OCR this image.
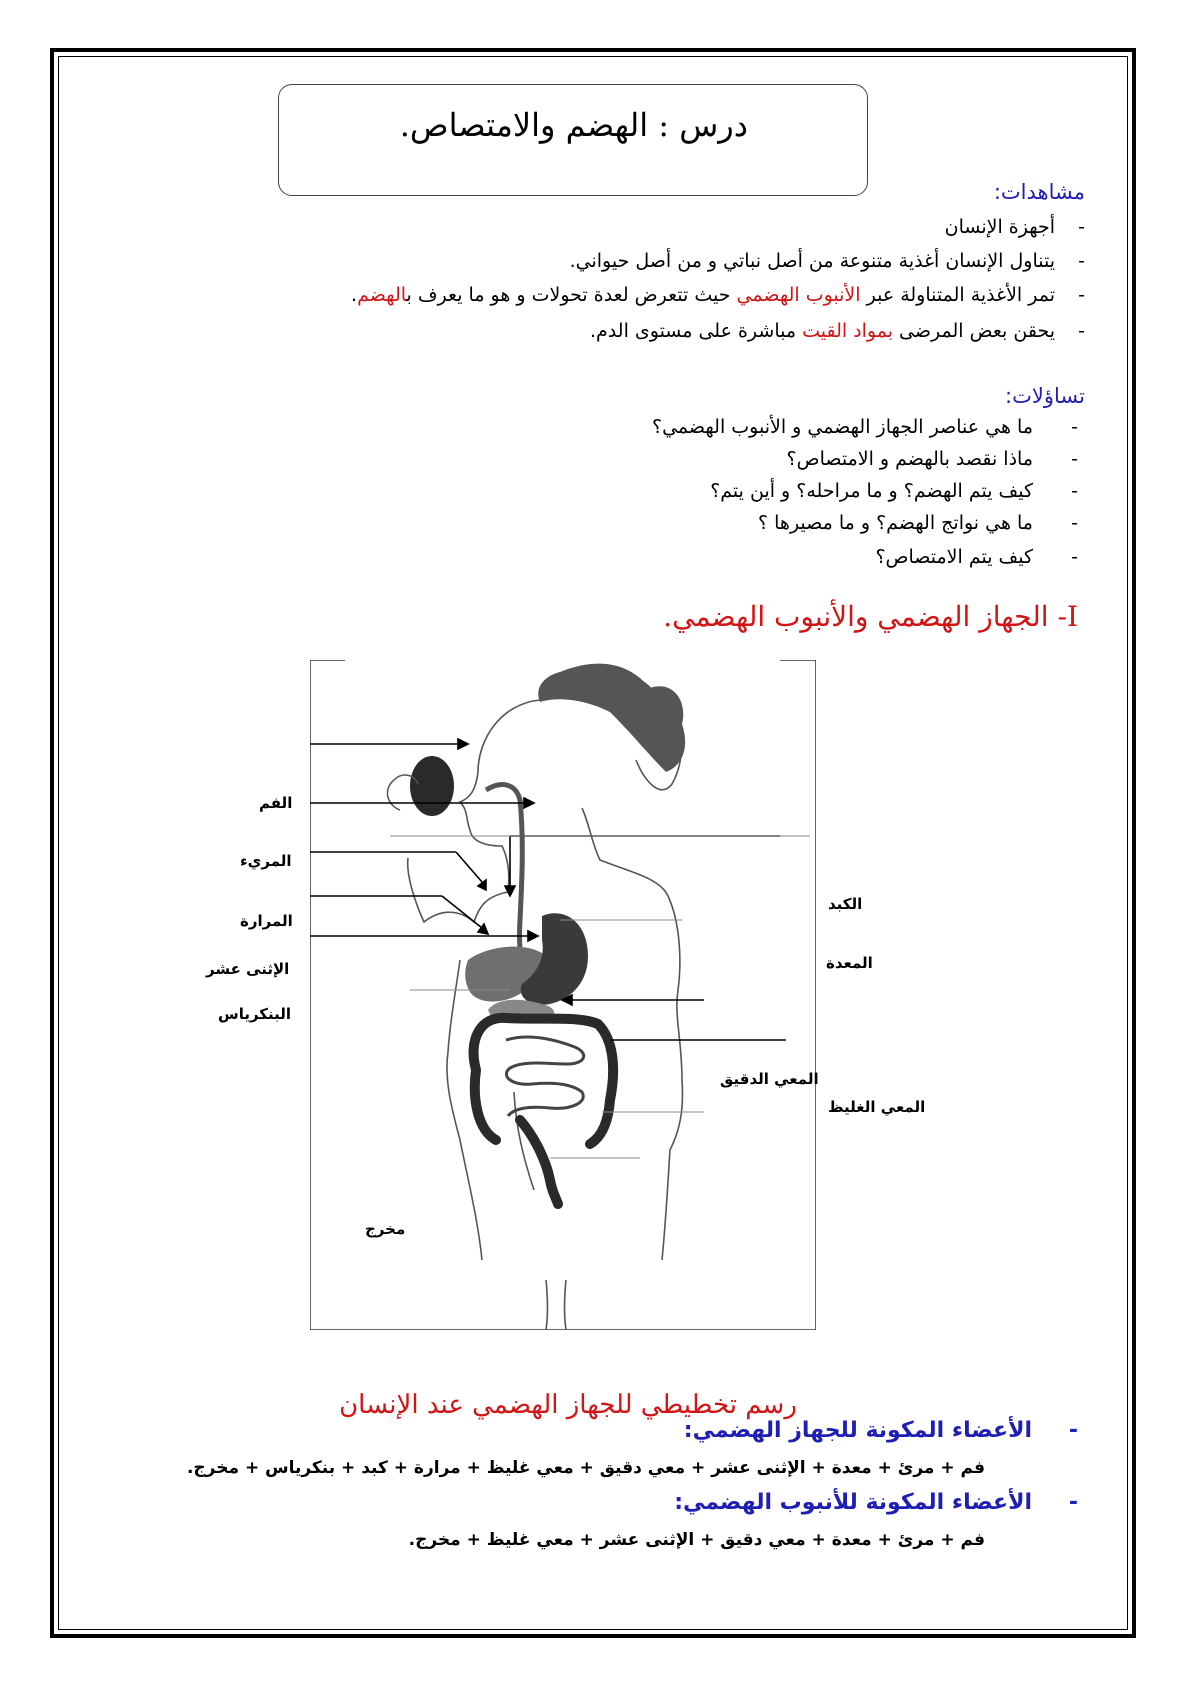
درس : الهضم والامتصاص.
مشاهدات:
-أجهزة الإنسان
-يتناول الإنسان أغذية متنوعة من أصل نباتي و من أصل حيواني.
-تمر الأغذية المتناولة عبر الأنبوب الهضمي حيث تتعرض لعدة تحولات و هو ما يعرف بالهضم.
-يحقن بعض المرضى بمواد القيت مباشرة على مستوى الدم.
تساؤلات:
-ما هي عناصر الجهاز الهضمي و الأنبوب الهضمي؟
-ماذا نقصد بالهضم و الامتصاص؟
-كيف يتم الهضم؟ و ما مراحله؟ و أين يتم؟
-ما هي نواتج الهضم؟ و ما مصيرها ؟
-كيف يتم الامتصاص؟
I- الجهاز الهضمي والأنبوب الهضمي.
الفم
المريء
المرارة
الإثنى عشر
البنكرياس
الكبد
المعدة
المعي الدقيق
المعي الغليظ
مخرج
رسم تخطيطي للجهاز الهضمي عند الإنسان
-الأعضاء المكونة للجهاز الهضمي:
فم + مرئ + معدة + الإثنى عشر + معي دقيق + معي غليظ + مرارة + كبد + بنكرياس + مخرج.
-الأعضاء المكونة للأنبوب الهضمي:
فم + مرئ + معدة + معي دقيق + الإثنى عشر + معي غليظ + مخرج.
